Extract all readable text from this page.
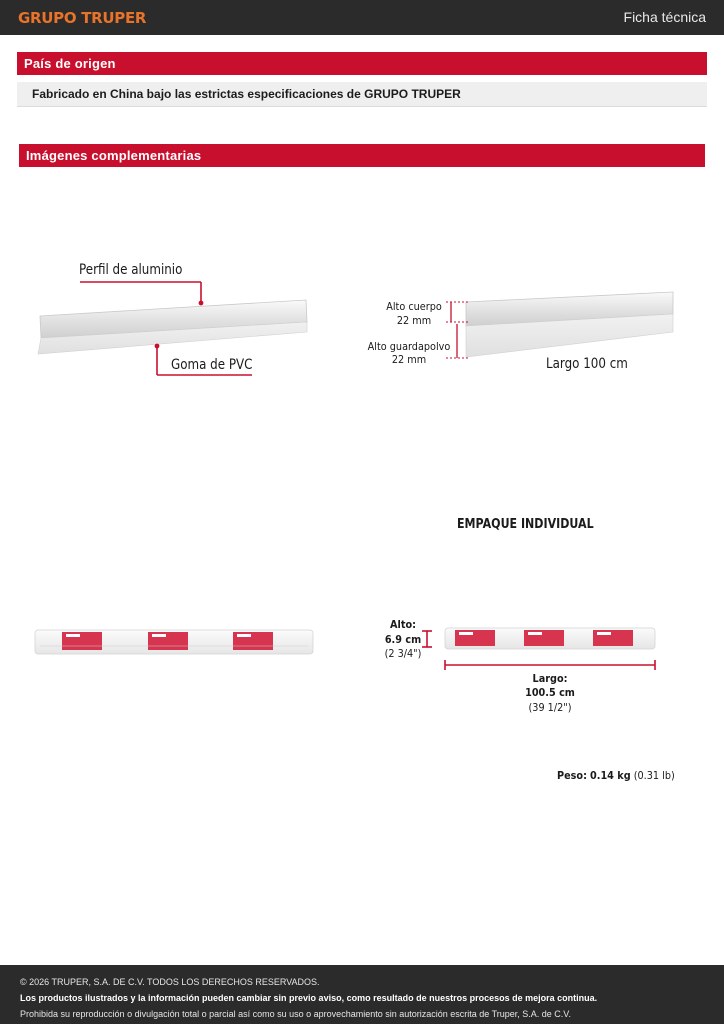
GRUPO TRUPER	Ficha técnica
País de origen
Fabricado en China bajo las estrictas especificaciones de GRUPO TRUPER
Imágenes complementarias
Perfil de aluminio
Goma de PVC
Alto cuerpo
22 mm
Alto guardapolvo
22 mm	Largo 100 cm
EMPAQUE INDIVIDUAL
Alto:
6.9 cm
(2 3/4")
Largo:
100.5 cm
(39 1/2")
Peso: 0.14 kg (0.31 lb)
© 2026 TRUPER, S.A. DE C.V. TODOS LOS DERECHOS RESERVADOS.
Los productos ilustrados y la información pueden cambiar sin previo aviso, como resultado de nuestros procesos de mejora continua.
Prohibida su reproducción o divulgación total o parcial así como su uso o aprovechamiento sin autorización escrita de Truper, S.A. de C.V.
